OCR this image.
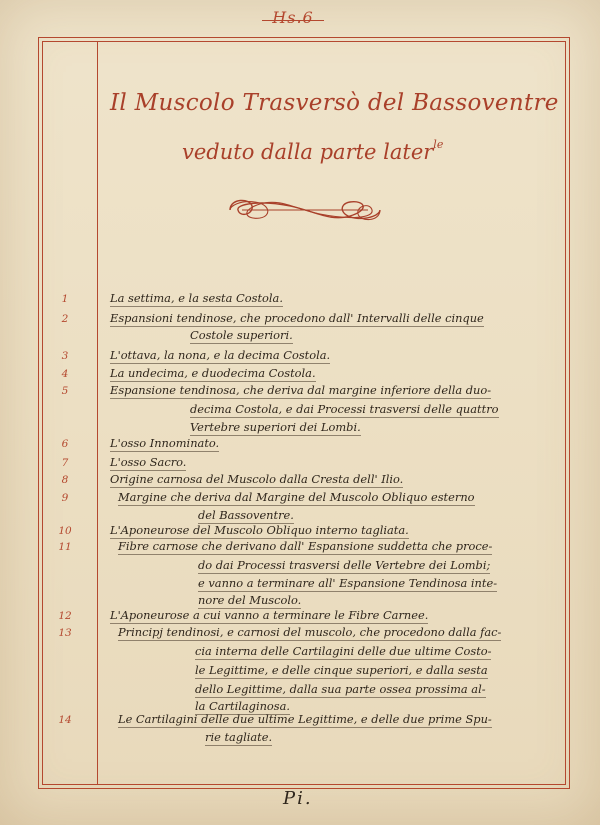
Hs.6
Il Muscolo Trasversò del Bassoventre
veduto dalla parte later$^{le}$
1	La settima, e la sesta Costola.
2	Espansioni tendinose, che procedono dall' Intervalli delle cinque
Costole superiori.
3	L'ottava, la nona, e la decima Costola.
4	La undecima, e duodecima Costola.
5	Espansione tendinosa, che deriva dal margine inferiore della duo-
decima Costola, e dai Processi trasversi delle quattro
Vertebre superiori dei Lombi.
6	L'osso Innominato.
7	L'osso Sacro.
8	Origine carnosa del Muscolo dalla Cresta dell' Ilio.
9	Margine che deriva dal Margine del Muscolo Obliquo esterno
del Bassoventre.
10	L'Aponeurose del Muscolo Obliquo interno tagliata.
11	Fibre carnose che derivano dall' Espansione suddetta che proce-
do dai Processi trasversi delle Vertebre dei Lombi;
e vanno a terminare all' Espansione Tendinosa inte-
nore del Muscolo.
12	L'Aponeurose a cui vanno a terminare le Fibre Carnee.
13	Principj tendinosi, e carnosi del muscolo, che procedono dalla fac-
cia interna delle Cartilagini delle due ultime Costo-
le Legittime, e delle cinque superiori, e dalla sesta
dello Legittime, dalla sua parte ossea prossima al-
la Cartilaginosa.
14	Le Cartilagini delle due ultime Legittime, e delle due prime Spu-
rie tagliate.
Pi.
